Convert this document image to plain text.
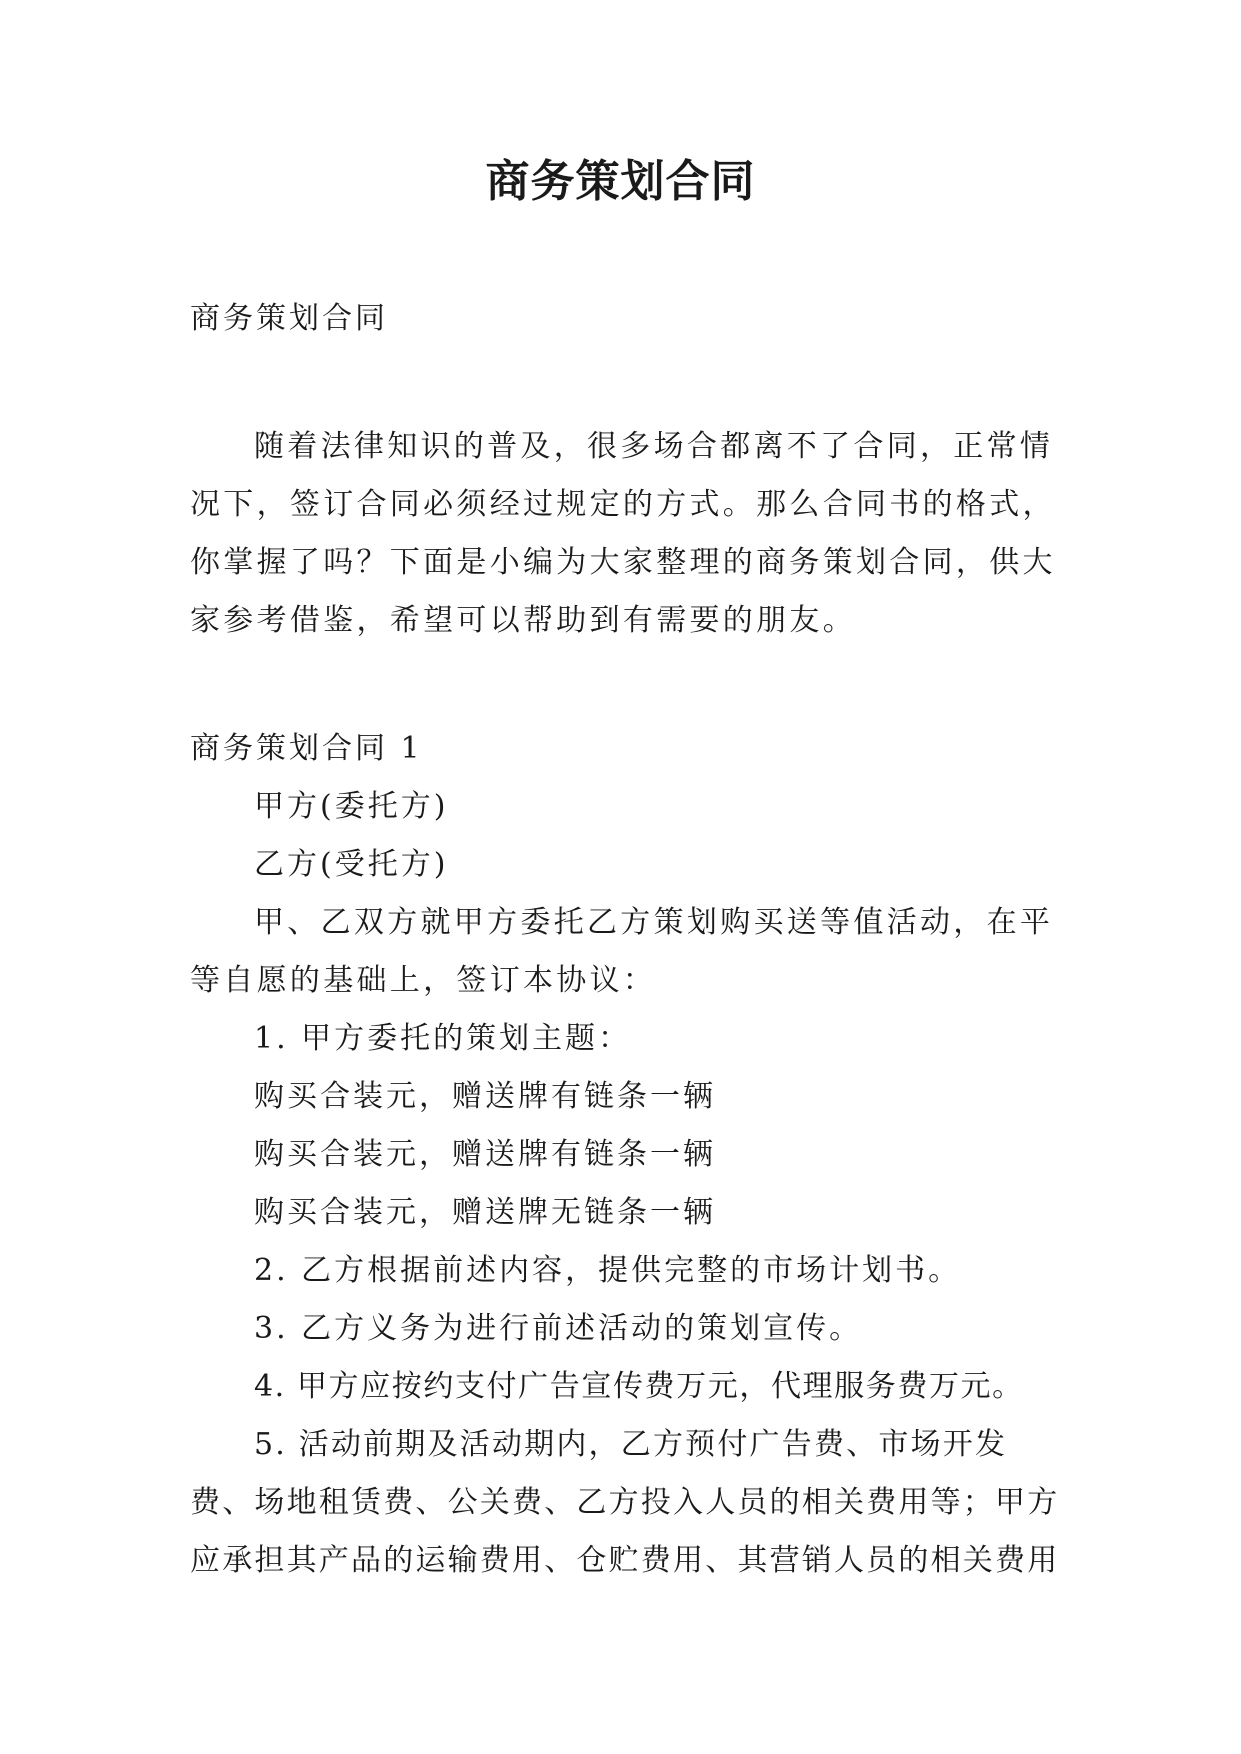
商务策划合同

商务策划合同

随着法律知识的普及，很多场合都离不了合同，正常情况下，签订合同必须经过规定的方式。那么合同书的格式，你掌握了吗？下面是小编为大家整理的商务策划合同，供大家参考借鉴，希望可以帮助到有需要的朋友。

商务策划合同 1

甲方(委托方)

乙方(受托方)

甲、乙双方就甲方委托乙方策划购买送等值活动，在平等自愿的基础上，签订本协议：

1. 甲方委托的策划主题：

购买合装元，赠送牌有链条一辆

购买合装元，赠送牌有链条一辆

购买合装元，赠送牌无链条一辆

2. 乙方根据前述内容，提供完整的市场计划书。

3. 乙方义务为进行前述活动的策划宣传。

4. 甲方应按约支付广告宣传费万元，代理服务费万元。

5. 活动前期及活动期内，乙方预付广告费、市场开发费、场地租赁费、公关费、乙方投入人员的相关费用等；甲方应承担其产品的运输费用、仓贮费用、其营销人员的相关费用
